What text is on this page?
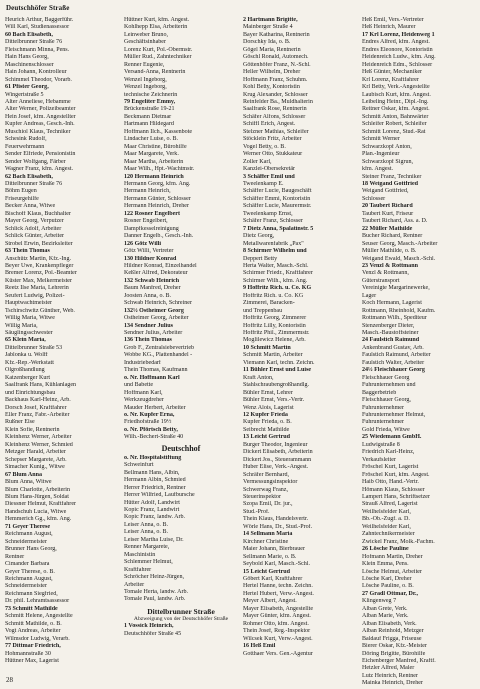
Deutschhöfer Straße
Heurich Arthur, Baggerführ.
Will Karl, Studienassessor
60 Bach Elisabeth,
Dittelbrunner Straße 76
Fleischmann Minna, Pens.
Hain Hans Georg,
Maschinenschlosser
Hain Johann, Kontrolleur
Schimmel Theodor, Vorarb.
61 Pfister Georg,
Wingertstraße 5
Alter Anneliese, Hebamme
Alter Werner, Polizeibeamter
Hein Josef, kfm. Angestellter
Kupfer Andreas, Gesch.-Inh.
Muschiol Klaus, Techniker
Schesink Rudolf,
Feuerwehrmann
Sender Elfriede, Pensionistin
Sender Wolfgang, Färber
Wagner Franz, kfm. Angest.
62 Bach Elisabeth,
Dittelbrunner Straße 76
Böhm Eugen
Friseurgehilfe
Becker Anna, Witwe
Bischoff Klaus, Buchhalter
Mayer Georg, Verputzer
Schlick Adolf, Arbeiter
Schlick Günter, Arbeiter
Strobel Erwin, Bezirksleiter
63 Thein Thomas
Anschütz Martin, Kfz.-Ing.
Beyer Uwe, Krankenpfleger
Bremer Lorenz, Pol.-Beamter
Küster Max, Melkermeister
Reetz Ilse Maria, Lehrerin
Seufert Ludwig, Polizei-
Hauptwachtmeister
Tschirschwitz Günther, Web.
Willig Maria, Witwe
Willig Maria,
Säuglingsschwester
65 Klein Maria,
Dittelbrunner Straße 53
Jablonka u. Wolff
Kfz.-Rep.-Werkstatt
Ölgroßhandlung
Katzenberger Kurt
Saalfrank Hans, Kühlanlagen
und Einrichtungsbau
Backhaus Karl-Heinz, Arb.
Dorsch Josef, Kraftfahrer
Eller Franz, Fabr.-Arbeiter
Rußner Else
Klein Sofie, Rentnerin
Kleinhenz Werner, Arbeiter
Kleinhenz Werner, Schmied
Metzger Harald, Arbeiter
Schepser Margarete, Arb.
Simacher Kunig., Witwe
67 Blum Anna
Blum Anna, Witwe
Blum Charlotte, Arbeiterin
Blum Hans-Jürgen, Soldat
Diessner Helmut, Kraftfahrer
Handschuh Lucia, Witwe
Hemmerich Gg., kfm. Ang.
71 Geyer Therese
Reichmann August,
Schneidermeister
Brunner Hans Georg,
Rentner
Cimander Barbara
Geyer Therese, o. B.
Reichmann August,
Schneidermeister
Reichmann Siegfried,
Dr. phil. Lehramtsassessor
73 Schmitt Mathilde
Schmitt Helene, Angestellte
Schmitt Mathilde, o. B.
Vogt Andreas, Arbeiter
Wilmsdor Ludwig, Verarb.
77 Dittmar Friedrich,
Hohmannstraße 30
Hüttner Max, Lagerist
Hüttner Kurt, kfm. Angest.
Kohlhepp Elsa, Arbeiterin
Leinweber Bruno,
Geschäftsinhaber
Lorenz Kurt, Pol.-Obermstr.
Müller Rud., Zahntechniker
Renner Eugenie,
Versand-Anna, Rentnerin
Wenzel Ingeborg,
Wenzel Ingeborg,
technische Zeichnerin
79 Engeliter Emmy,
Brückenstraße 19-21
Beckmann Dietmar
Hartmann Hildegard
Hoffmann Ilch., Kassenbote
Lindacher Luise, o. B.
Maar Christine, Bürohilfe
Maar Margarete, Verk.
Maar Martha, Arbeiterin
Maar Wilh., Hpt.-Wachtmstr.
120 Hermann Heinrich
Hermann Georg, kfm. Ang.
Hermann Heinrich,
Hermann Günter, Schlosser
Hermann Heinrich, Dreher
122 Rosner Engelbert
Rosner Engelbert,
Dampfkesselreinigung
Danner Engelb., Gesch.-Inh.
126 Götz Willi
Götz Willi, Vertreter
130 Hildner Konrad
Hildner Konrad, Einzelhandel
Keßler Alfred, Dekorateur
132 Schwab Heinrich
Baum Manfred, Dreher
Joosten Anna, o. B.
Schwab Heinrich, Schreiner
132½ Ostheimer Georg
Ostheimer Georg, Arbeiter
134 Sendner Julius
Sendner Julius, Arbeiter
136 Thein Thomas
Grob F., Zentralsiebevertrieb
Wobbe KG., Plattenhandel -
Industriebedarf
Thein Thomas, Kaufmann
o. Nr. Hoffmann Karl
und Babette
Hoffmann Karl,
Werkzeugdreher
Mauder Herbert, Arbeiter
o. Nr. Kupfer Erna,
Friedhofstraße 19½
o. Nr. Pförtsch Betty,
Wilh.-Bechert-Straße 40
Deutschhof
o. Nr. Hospitalstiftung
Schweinfurt
Bellmann Hans, Albin,
Hermann Albin, Schmied
Herrer Friedrich, Rentner
Herrer Wilfried, Laufbursche
Hütter Adolf, Landwirt
Kopic Franz, Landwirt
Kopic Franz, landw. Arb.
Leiser Anna, o. B.
Leiser Anna, o. B.
Leiser Martha Luise, Dr.
Renner Margarete,
Maschinistin
Schlemmer Helmut,
Kraftfahrer
Schröcher Heinz-Jürgen,
Arbeiter
Tomale Herta, landw. Arb.
Tomale Paul, landw. Arb.
Dittelbrunner Straße
Abzweigung von der Deutschhöfer Straße
1 Vossick Heinrich,
Deutschhöfer Straße 45
2 Hartmann Brigitte,
Mainberger Straße 4
Bayer Katharina, Rentnerin
Dorschky Ida, o. B.
Gögel Maria, Rentnerin
Göschl Ronald, Automech.
Göttenhöfer Franz, N.-Schl.
Heller Wilhelm, Dreher
Hoffmann Franz, Schuhm.
Kohl Betty, Kontoristin
Krug Alexander, Schlosser
Reinfelder Ba., Muldhalterin
Saalfrank Rose, Rentnerin
Schäfer Alfons, Schlosser
Schiffl Erich, Angest.
Stelzner Mathias, Schleifer
Stöcklein Fritz, Arbeiter
Vogel Betty, o. B.
Werner Otto, Stukkateur
Zoller Karl,
Kanzlei-Obersekretär
3 Schäffer Emil und
Tweelenkamp E.
Schäffer Lucie, Baugeschäft
Schäffer Emmi, Kontoristin
Schäffer Lucie, Maurermstr.
Tweelenkamp Ernst,
Schäfer Franz, Schlosser
7 Dietz Anna, Spalatinstr. 5
Dietz Georg,
Metallwarenfabrik „Pax"
8 Schirmer Wilhelm und
Deppert Betty
Herta Walter, Masch.-Schl.
Schirmer Friedr., Kraftfahrer
Schirmer Wilh., kfm. Ang.
9 Hoffritz Rich. u. Co. KG
Hoffritz Rich. u. Co. KG
Zimmerei, Baracken-
und Treppenbau
Hoffritz Georg, Zimmerer
Hoffritz Lilly, Kontoristin
Hoffritz Phil., Zimmermstr.
Moglilewicz Helene, Arb.
10 Schmitt Martin
Schmitt Martin, Arbeiter
Viemann Karl, techn. Zeichn.
11 Bühler Ernst und Luise
Kraft Anton,
Stahlschraubengroßhandlg.
Bühler Ernst, Lehrer
Bühler Ernst, Vers.-Vertr.
Wenz Alois, Lagerist
12 Kupfer Frieda
Kupfer Frieda, o. B.
Seibrecht Mathilde
13 Leicht Gertrud
Burger Theodor, Ingenieur
Dickert Elisabeth, Arbeiterin
Dickert Jos., Steuerammann
Huber Elise, Verk.-Angest.
Schräfer Bernhard,
Vermessungsinspektor
Schwerwag Franz,
Steuerinspektor
Szopa Emil, Dr. jur.,
Stud.-Prof.
Thein Klaus, Handelsvertr.
Wörle Hans, Dr., Stud.-Prof.
14 Sellmann Maria
Kirchner Christine
Maier Johann, Bierbrauer
Sellmann Marie, o. B.
Seybold Karl, Masch.-Schl.
15 Leicht Gertrud
Göbert Karl, Kraftfahrer
Hertel Hanne, techn. Zeichn.
Hertel Hubert, Verw.-Angest.
Meyer Albert, Angest.
Mayer Elisabeth, Angestellte
Mayer Günter, kfm. Angest.
Rohmer Otto, kfm. Angest.
Thein Josef, Reg.-Inspektor
Wilcsek Kurt, Verw.-Angest.
16 Heß Emil
Gotthaer Vers. Gen.-Agentur
Heß Emil, Vers.-Vertreter
Heß Heinrich, Maurer
17 Krl Lorenz, Heidenweg 1
Endres Alfred, kfm. Angest.
Endres Eleonore, Kontoristin
Heidenreich Ludw., kfm. Ang.
Heidenreich Edm., Schlosser
Heß Günter, Mechaniker
Krl Lorenz, Kraftfahrer
Krl Betty, Verk.-Angestellte
Laubisch Kurt, kfm. Angest.
Leibeling Heinr., Dipl.-Ing.
Reitner Oskar, kfm. Angest.
Schmitt Anton, Bahnwärter
Schleifer Robert, Schleifer
Schmitt Lorenz, Stud.-Rat
Schmitt Werner
Schwarzkopf Anton,
Plan.-Ingenieur
Schwarzkopf Sigrun,
kfm. Angest.
Steiner Franz, Techniker
18 Weigand Gottfried
Weigand Gottfried,
Schlosser
20 Taubert Richard
Taubert Kurt, Friseur
Taubert Richard, Ass. a. D.
22 Müller Mathilde
Bucher Richard, Rentner
Seuser Georg, Masch.-Arbeiter
Müller Mathilde, o. B.
Weigand Ewald, Masch.-Schl.
23 Venzl & Rottmann
Venzl & Rottmann,
Güterstransport
Vereinigte Margarinewerke,
Lager
Koch Hermann, Lagerist
Rottmann, Rheinhold, Kaufm.
Rottmann Wilh., Spediteur
Stenzenberger Dieter,
Masch.-Baustoffsteiner
24 Faulstich Raimund
Ankenbrand Gustav, Arb.
Faulstich Raimund, Arbeiter
Faulstich Walter, Arbeiter
24½ Fleischhauer Georg
Fleischhauer Georg
Fuhrunternehmen und
Baggerbetrieb
Fleischhauer Georg,
Fuhrunternehmer
Fuhrunternehmer Helmut,
Fuhrunternehmer
Gold Frieda, Witwe
25 Wiedemann GmbH.
Ludwigstraße 8
Friedrich Karl-Heinz,
Verkaufsleiter
Fröschel Kurt, Lagerist
Fröschel Kurt, kfm. Angest.
Haib Otto, Hand.-Vertr.
Hömann Klaus, Schlosser
Lampert Hans, Schriftsetzer
Strauß Alfred, Lagerist
Weilhelsfelder Karl,
Bb.-Ob.-Zugf. a. D.
Weilhelsfelder Karl,
Zahntechnikermeister
Zwickel Franz, Molk.-Fachm.
26 Lösche Pauline
Hofmann Martin, Dreher
Klein Emma, Pens.
Lösche Helmut, Arbeiter
Lösche Karl, Dreher
Lösche Pauline, o. B.
27 Gradl Ottmar, Dr.,
Klingenweg 7
Alban Grete, Verk.
Alban Marie, Verk.
Alban Elisabeth, Verk.
Alban Reinhold, Metzger
Baldauf Frigga, Friseuse
Bierer Oskar, Kfz.-Meister
Döring Brigitte, Bürohilfe
Eichenberger Manfred, Kraftf.
Hetzler Alfred, Maler
Lutz Heinrich, Rentner
Mainka Heinrich, Dreher
28
